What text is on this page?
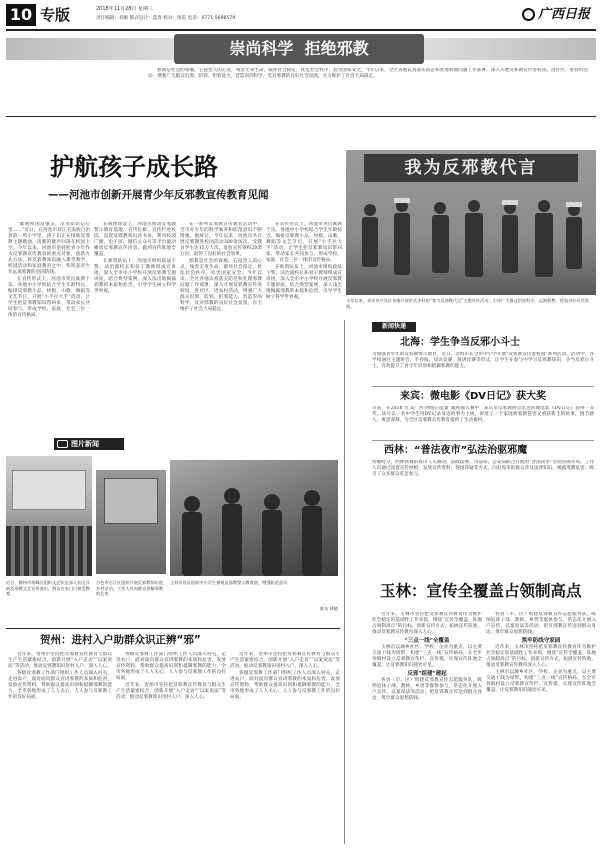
10 专版	2018年11月28日 星期三
责任编辑：刘惠 版式设计：蓝春 校对：汤雷 电话：0771-5698579	广西日报
崇尚科学  拒绝邪教
邪教是社会的毒瘤，它侵害人的心灵，残害无辜生命，破坏社会稳定，扰乱社会秩序，危害国家安全。今年以来，全区各地认真落实防范和处理邪教问题工作部署，深入开展反邪教宣传进校园、进社区、进农村活动，增强广大群众识邪、防邪、拒邪能力，营造崇尚科学、反对邪教的良好社会氛围，有力维护了社会大局稳定。
护航孩子成长路
——河池市创新开展青少年反邪教宣传教育见闻
我为反邪教代言
今年以来，来宾市兴宾区各地开展形式多样的“我为反邪教代言”主题宣传活动，引导广大群众崇尚科学、远离邪教，营造良好社会氛围。

“歌唱祖国富强美，反邪知识记心里……”近日，在河池市环江毛南族自治县的一所小学里，孩子们正在排练反邪教主题歌曲，清脆的歌声回荡在校园上空。今年以来，河池市坚持把青少年作为反邪教宣传教育的重点对象，创新方式方法，将反邪教知识融入课堂教学、校园活动和家庭教育之中，构筑起青少年远离邪教的坚固防线。

在宣传形式上，河池市突出寓教于乐。各地中小学校结合学生年龄特点，编排反邪教小品、快板、山歌、舞蹈等文艺节目，开展“小手拉大手”活动，让学生把反邪教知识带回家，带动家长共同参与，形成学校、家庭、社会三位一体的宣传格局。

在载体建设上，河池市推动反邪教警示教育基地、宣传长廊、宣传栏进校园，设置反邪教知识读书角，利用校园广播、电子屏、微信公众号等平台滚动播放反邪教宣传内容，做到宣传阵地全覆盖。

在师资队伍上，河池市组织政法干警、法治副校长和骨干教师组成宣讲团，深入全市中小学校开展反邪教专题讲座，结合典型案例，深入浅出地揭露邪教的本质和危害，引导学生树立科学世界观。

在一系列反邪教宣传教育活动中，全市青少年的科学素养和防范意识不断增强。据统计，今年以来，河池市共开展反邪教进校园活动300余场次，受教育学生达15万人次，发放宣传资料20余万份，取得了良好的社会效果。

邪教是社会的毒瘤，它侵害人的心灵，残害无辜生命，破坏社会稳定，扰乱社会秩序，危害国家安全。今年以来，全区各地认真落实防范和处理邪教问题工作部署，深入开展反邪教宣传进校园、进社区、进农村活动，增强广大群众识邪、防邪、拒邪能力，营造崇尚科学、反对邪教的良好社会氛围，有力维护了社会大局稳定。

在宣传形式上，河池市突出寓教于乐。各地中小学校结合学生年龄特点，编排反邪教小品、快板、山歌、舞蹈等文艺节目，开展“小手拉大手”活动，让学生把反邪教知识带回家，带动家长共同参与，形成学校、家庭、社会三位一体的宣传格局。

在师资队伍上，河池市组织政法干警、法治副校长和骨干教师组成宣讲团，深入全市中小学校开展反邪教专题讲座，结合典型案例，深入浅出地揭露邪教的本质和危害，引导学生树立科学世界观。

新闻快递
北海：学生争当反邪小斗士
为加强青少年的反邪教警示教育，近日，北海市在全市中小学开展“反邪教宣传进校园”系列活动。活动中，各学校通过主题班会、手抄报、知识竞赛、演讲比赛等形式，让学生在参与中学习反邪教知识，争当反邪小斗士，有效提升了青少年识别和抵御邪教的能力。
来宾：微电影《DV日记》获大奖
日前，在2018“壮美广西·网络正能量”微视频大赛中，来宾市反邪教协会选送的微电影《DV日记》获得一等奖。该片以一名中学生用DV记录身边故事为主线，讲述了一个家庭被邪教侵害又重获新生的故事，情节感人，寓意深刻，为全区反邪教宣传教育提供了生动素材。
西林：“普法夜市”弘法治驱邪魔
傍晚时分，西林县城的夜市人头攒动，县政法委、司法局、公安局联合开展的“普法夜市”活动热闹开场。工作人员通过设置宣传展板、发放宣传资料、现场答疑等方式，向赶夜市的群众普及法律知识，揭露邪教危害，吸引了众多群众驻足参与。
图片新闻
近日，柳州市鱼峰区组织文艺队伍深入社区开展反邪教文艺宣传演出，群众在家门口接受教育。
百色市右江区组织开展反邪教知识进乡村活动，工作人员向群众讲解邪教的危害。
玉林市容县组织中小学生参观反邪教警示教育展，增强防范意识。
陈东 林晓
玉林：宣传全覆盖占领制高点

近年来，玉林市坚持把反邪教宣传教育作为维护社会稳定的基础性工作来抓，围绕“宣传全覆盖、阵地占领制高点”的目标，创新宣传方式，拓展宣传阵地，推动反邪教宣传教育深入人心。

“三点一线”全覆盖

玉林市以城乡社区、学校、企业为重点，以主要交通干线为纽带，构建“三点一线”宣传格局，在全市各镇村设立反邪教宣传栏、宣传墙，实现宣传阵地全覆盖，让反邪教知识随处可见。

反邪“组建”建起

各县（市、区）组建反邪教宣传志愿服务队，吸纳退休干部、教师、乡贤等群体参与，常态化开展入户宣传、以案说法等活动，把反邪教宣传送到群众身边，筑牢群众思想防线。

各县（市、区）组建反邪教宣传志愿服务队，吸纳退休干部、教师、乡贤等群体参与，常态化开展入户宣传、以案说法等活动，把反邪教宣传送到群众身边，筑牢群众思想防线。

筑牢防线守家园

近年来，玉林市坚持把反邪教宣传教育作为维护社会稳定的基础性工作来抓，围绕“宣传全覆盖、阵地占领制高点”的目标，创新宣传方式，拓展宣传阵地，推动反邪教宣传教育深入人心。

玉林市以城乡社区、学校、企业为重点，以主要交通干线为纽带，构建“三点一线”宣传格局，在全市各镇村设立反邪教宣传栏、宣传墙，实现宣传阵地全覆盖，让反邪教知识随处可见。

贺州：进村入户助群众识正辨“邪”

近年来，贺州市坚持把反邪教宣传教育与群众生产生活紧密结合，创新开展“入户走访”“以案说法”等活动，推动反邪教知识进村入户、深入人心。

各级反邪教工作部门组织工作人员深入村屯、走进农户，面对面向群众宣讲邪教的本质和危害，发放宣传资料，帮助群众提高识别和抵御邪教的能力，全市各地形成了人人关心、人人参与反邪教工作的良好局面。

各级反邪教工作部门组织工作人员深入村屯、走进农户，面对面向群众宣讲邪教的本质和危害，发放宣传资料，帮助群众提高识别和抵御邪教的能力，全市各地形成了人人关心、人人参与反邪教工作的良好局面。

近年来，贺州市坚持把反邪教宣传教育与群众生产生活紧密结合，创新开展“入户走访”“以案说法”等活动，推动反邪教知识进村入户、深入人心。

近年来，贺州市坚持把反邪教宣传教育与群众生产生活紧密结合，创新开展“入户走访”“以案说法”等活动，推动反邪教知识进村入户、深入人心。

各级反邪教工作部门组织工作人员深入村屯、走进农户，面对面向群众宣讲邪教的本质和危害，发放宣传资料，帮助群众提高识别和抵御邪教的能力，全市各地形成了人人关心、人人参与反邪教工作的良好局面。
